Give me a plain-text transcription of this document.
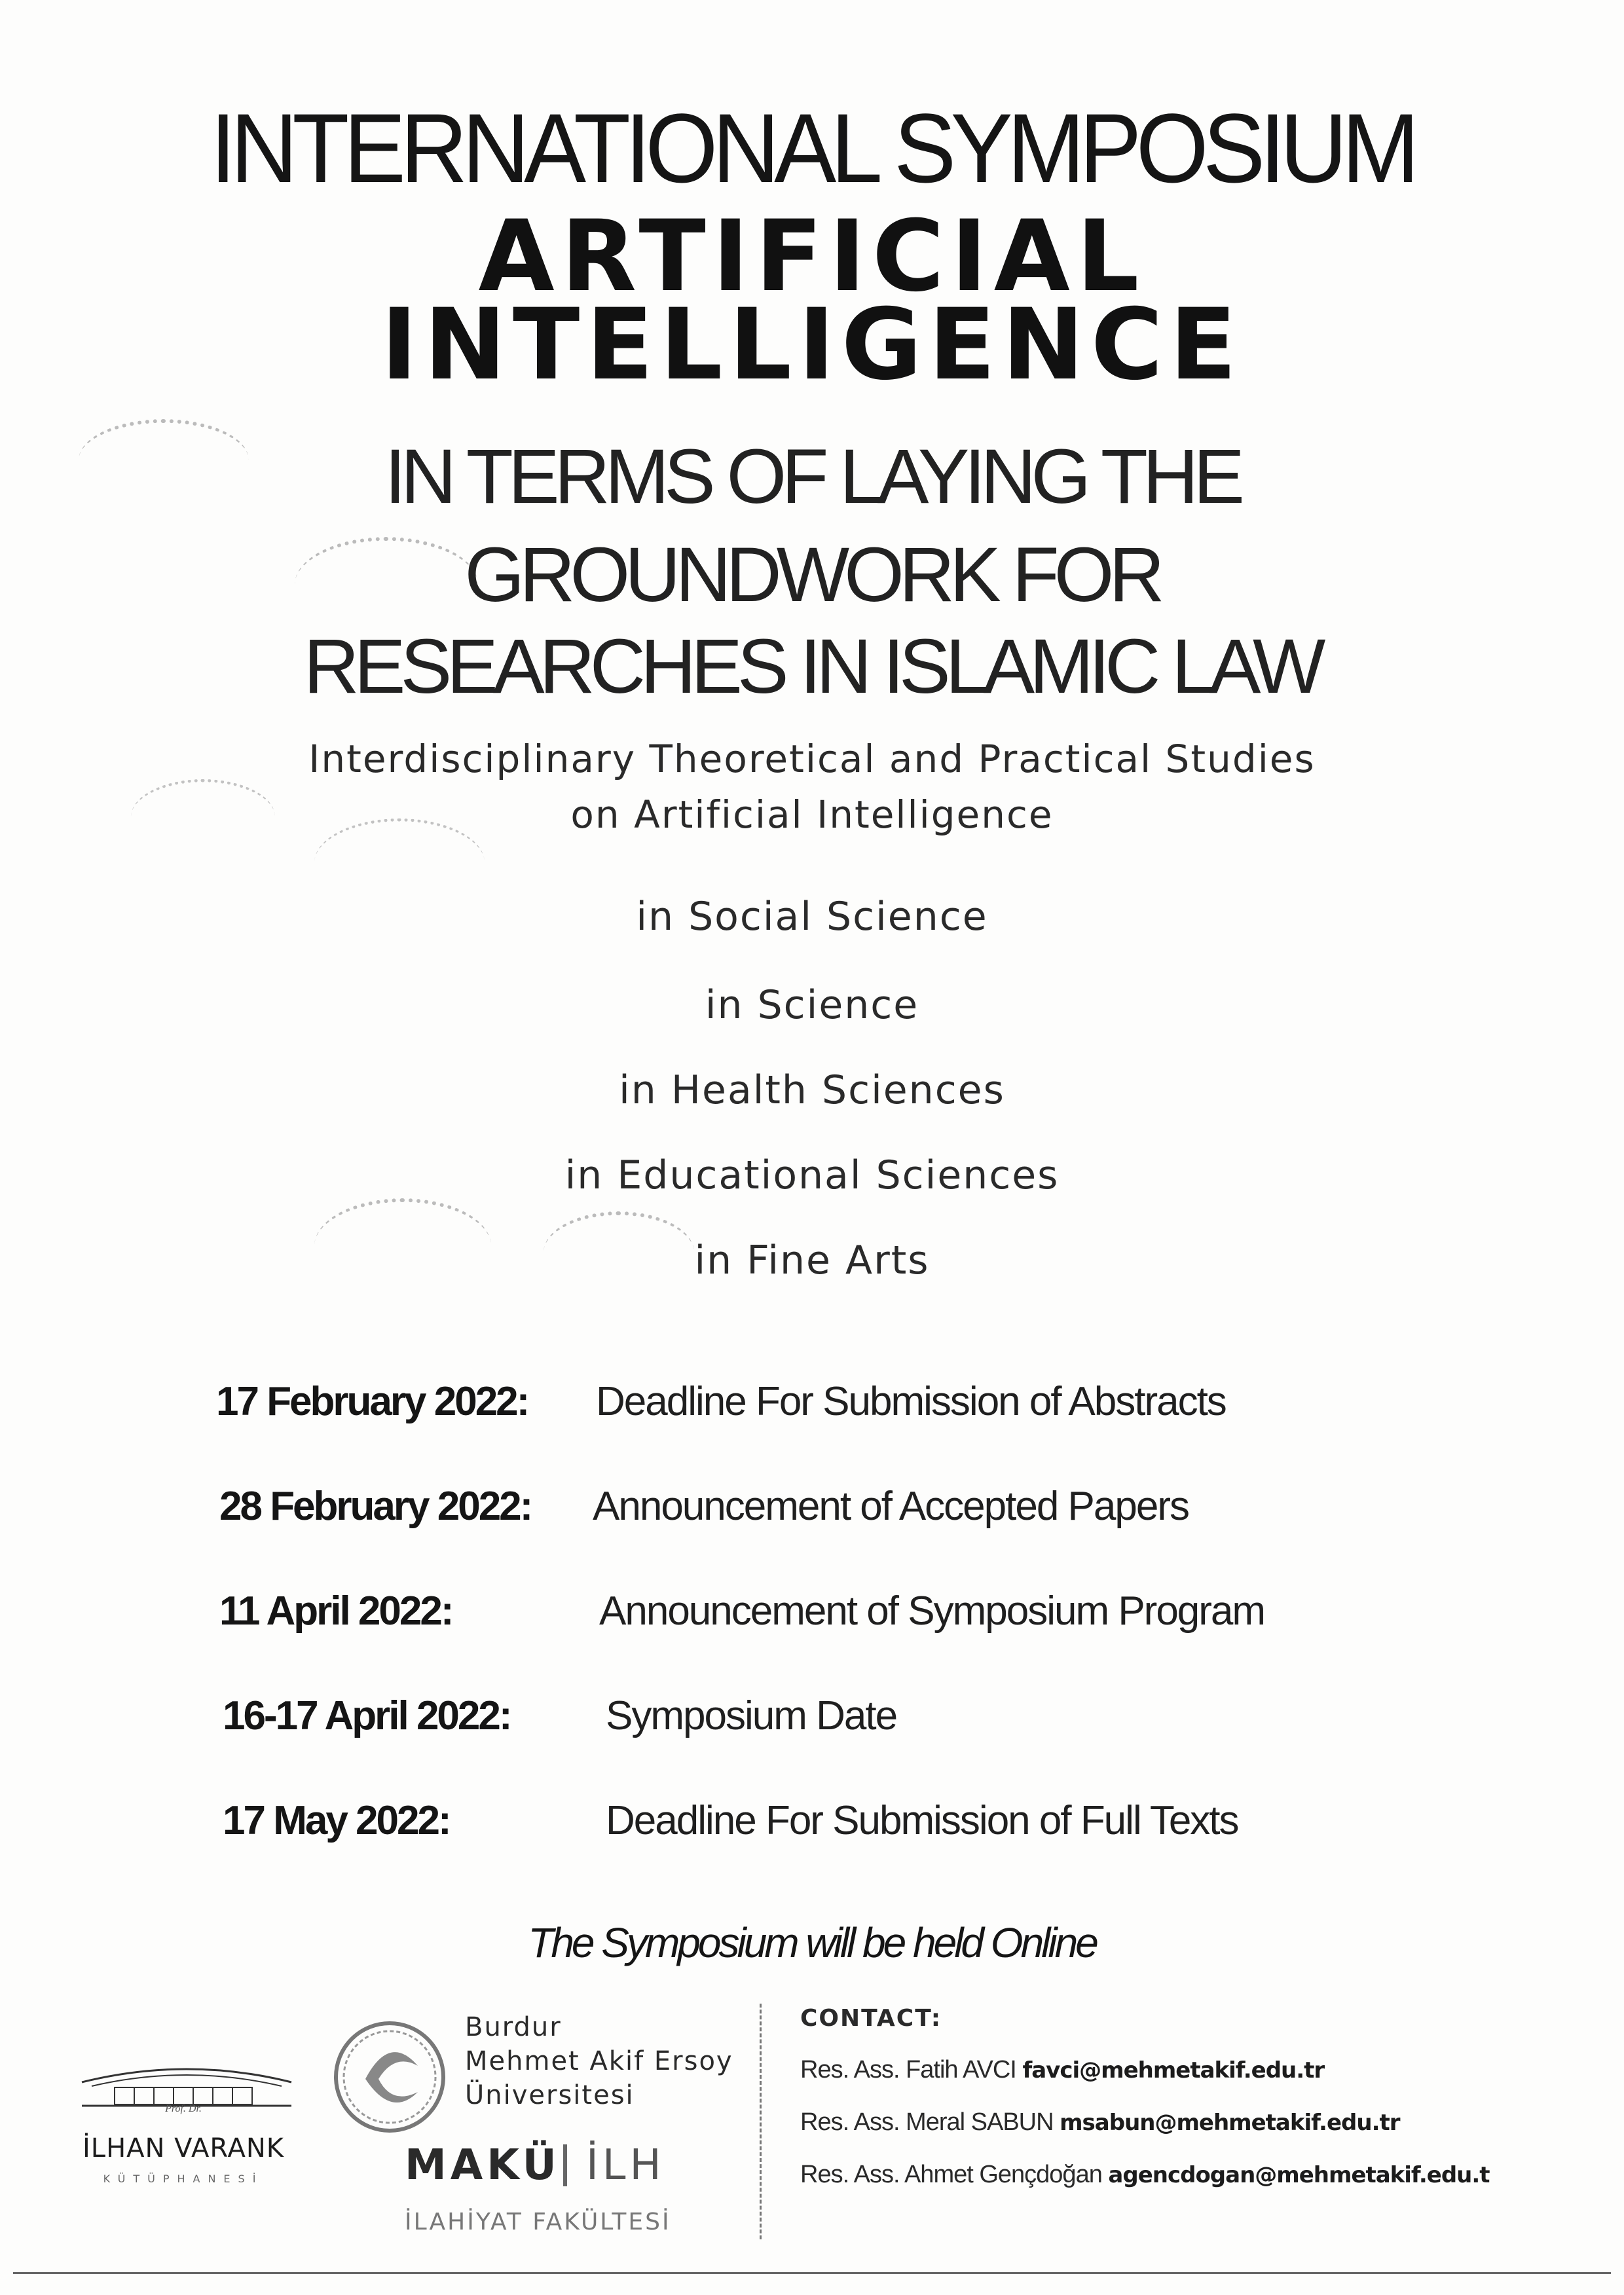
INTERNATIONAL SYMPOSIUM
ARTIFICIAL
INTELLIGENCE
IN TERMS OF LAYING THE
GROUNDWORK FOR
RESEARCHES IN ISLAMIC LAW
Interdisciplinary Theoretical and Practical Studies
on Artificial Intelligence
in Social Science
in Science
in Health Sciences
in Educational Sciences
in Fine Arts
17 February 2022: Deadline For Submission of Abstracts
28 February 2022: Announcement of Accepted Papers
11 April 2022:	Announcement of Symposium Program
16-17 April 2022: Symposium Date
17 May 2022:	Deadline For Submission of Full Texts
The Symposium will be held Online
Prof. Dr.
İLHAN VARANK
KÜTÜPHANESİ
Burdur
Mehmet Akif Ersoy
Üniversitesi
MAKÜ İLH
İLAHİYAT FAKÜLTESİ
CONTACT:
Res. Ass. Fatih AVCI favci@mehmetakif.edu.tr
Res. Ass. Meral SABUN msabun@mehmetakif.edu.tr
Res. Ass. Ahmet Gençdoğan agencdogan@mehmetakif.edu.t
